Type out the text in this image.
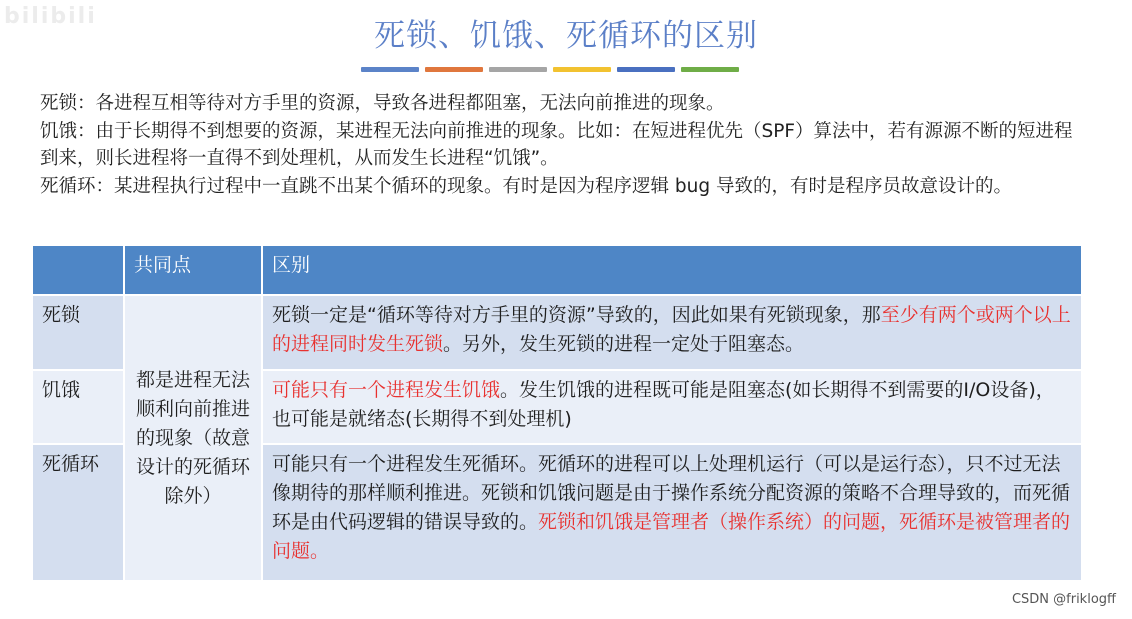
bilibili
死锁、饥饿、死循环的区别

死锁：各进程互相等待对方手里的资源，导致各进程都阻塞，无法向前推进的现象。

饥饿：由于长期得不到想要的资源，某进程无法向前推进的现象。比如：在短进程优先（SPF）算法中，若有源源不断的短进程到来，则长进程将一直得不到处理机，从而发生长进程“饥饿”。

死循环：某进程执行过程中一直跳不出某个循环的现象。有时是因为程序逻辑 bug 导致的，有时是程序员故意设计的。

	共同点	区别
死锁	都是进程无法顺利向前推进的现象（故意设计的死循环除外）	死锁一定是“循环等待对方手里的资源”导致的，因此如果有死锁现象，那至少有两个或两个以上的进程同时发生死锁。另外，发生死锁的进程一定处于阻塞态。
饥饿		可能只有一个进程发生饥饿。发生饥饿的进程既可能是阻塞态(如长期得不到需要的I/O设备)，也可能是就绪态(长期得不到处理机)
死循环		可能只有一个进程发生死循环。死循环的进程可以上处理机运行（可以是运行态），只不过无法像期待的那样顺利推进。死锁和饥饿问题是由于操作系统分配资源的策略不合理导致的，而死循环是由代码逻辑的错误导致的。死锁和饥饿是管理者（操作系统）的问题，死循环是被管理者的问题。
CSDN @friklogff
